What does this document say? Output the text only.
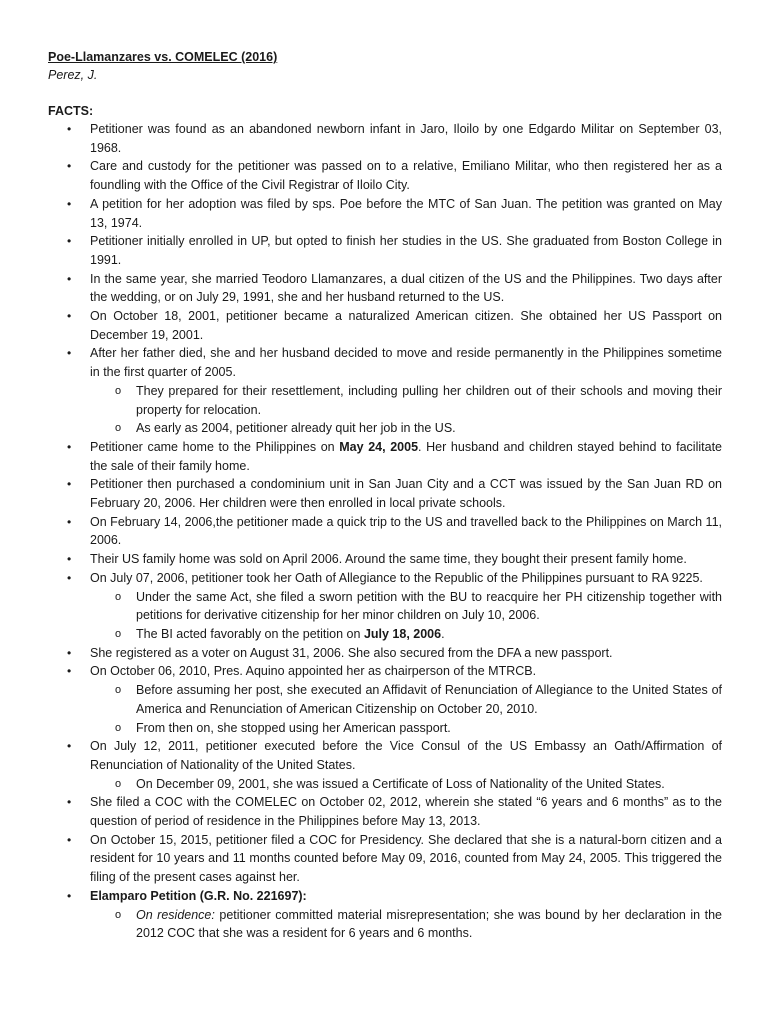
Poe-Llamanzares vs. COMELEC (2016)

Perez, J.

FACTS:

• Petitioner was found as an abandoned newborn infant in Jaro, Iloilo by one Edgardo Militar on September 03, 1968.
• Care and custody for the petitioner was passed on to a relative, Emiliano Militar, who then registered her as a foundling with the Office of the Civil Registrar of Iloilo City.
• A petition for her adoption was filed by sps. Poe before the MTC of San Juan. The petition was granted on May 13, 1974.
• Petitioner initially enrolled in UP, but opted to finish her studies in the US. She graduated from Boston College in 1991.
• In the same year, she married Teodoro Llamanzares, a dual citizen of the US and the Philippines. Two days after the wedding, or on July 29, 1991, she and her husband returned to the US.
• On October 18, 2001, petitioner became a naturalized American citizen. She obtained her US Passport on December 19, 2001.
• After her father died, she and her husband decided to move and reside permanently in the Philippines sometime in the first quarter of 2005.
o They prepared for their resettlement, including pulling her children out of their schools and moving their property for relocation.
o As early as 2004, petitioner already quit her job in the US.
• Petitioner came home to the Philippines on May 24, 2005. Her husband and children stayed behind to facilitate the sale of their family home.
• Petitioner then purchased a condominium unit in San Juan City and a CCT was issued by the San Juan RD on February 20, 2006. Her children were then enrolled in local private schools.
• On February 14, 2006,the petitioner made a quick trip to the US and travelled back to the Philippines on March 11, 2006.
• Their US family home was sold on April 2006. Around the same time, they bought their present family home.
• On July 07, 2006, petitioner took her Oath of Allegiance to the Republic of the Philippines pursuant to RA 9225.
o Under the same Act, she filed a sworn petition with the BU to reacquire her PH citizenship together with petitions for derivative citizenship for her minor children on July 10, 2006.
o The BI acted favorably on the petition on July 18, 2006.
• She registered as a voter on August 31, 2006. She also secured from the DFA a new passport.
• On October 06, 2010, Pres. Aquino appointed her as chairperson of the MTRCB.
o Before assuming her post, she executed an Affidavit of Renunciation of Allegiance to the United States of America and Renunciation of American Citizenship on October 20, 2010.
o From then on, she stopped using her American passport.
• On July 12, 2011, petitioner executed before the Vice Consul of the US Embassy an Oath/Affirmation of Renunciation of Nationality of the United States.
o On December 09, 2001, she was issued a Certificate of Loss of Nationality of the United States.
• She filed a COC with the COMELEC on October 02, 2012, wherein she stated “6 years and 6 months” as to the question of period of residence in the Philippines before May 13, 2013.
• On October 15, 2015, petitioner filed a COC for Presidency. She declared that she is a natural-born citizen and a resident for 10 years and 11 months counted before May 09, 2016, counted from May 24, 2005. This triggered the filing of the present cases against her.
• Elamparo Petition (G.R. No. 221697):
o On residence: petitioner committed material misrepresentation; she was bound by her declaration in the 2012 COC that she was a resident for 6 years and 6 months.
